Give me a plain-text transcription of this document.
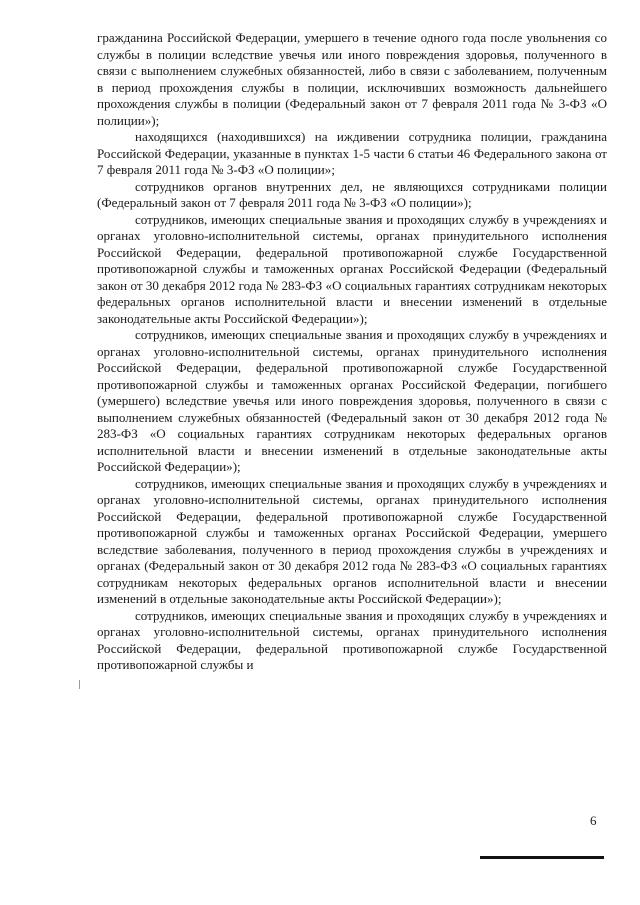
гражданина Российской Федерации, умершего в течение одного года после увольнения со службы в полиции вследствие увечья или иного повреждения здоровья, полученного в связи с выполнением служебных обязанностей, либо в связи с заболеванием, полученным в период прохождения службы в полиции, исключивших возможность дальнейшего прохождения службы в полиции (Федеральный закон от 7 февраля 2011 года № 3-ФЗ «О полиции»);

находящихся (находившихся) на иждивении сотрудника полиции, гражданина Российской Федерации, указанные в пунктах 1-5 части 6 статьи 46 Федерального закона от 7 февраля 2011 года № 3-ФЗ «О полиции»;

сотрудников органов внутренних дел, не являющихся сотрудниками полиции (Федеральный закон от 7 февраля 2011 года № 3-ФЗ «О полиции»);

сотрудников, имеющих специальные звания и проходящих службу в учреждениях и органах уголовно-исполнительной системы, органах принудительного исполнения Российской Федерации, федеральной противопожарной службе Государственной противопожарной службы и таможенных органах Российской Федерации (Федеральный закон от 30 декабря 2012 года № 283-ФЗ «О социальных гарантиях сотрудникам некоторых федеральных органов исполнительной власти и внесении изменений в отдельные законодательные акты Российской Федерации»);

сотрудников, имеющих специальные звания и проходящих службу в учреждениях и органах уголовно-исполнительной системы, органах принудительного исполнения Российской Федерации, федеральной противопожарной службе Государственной противопожарной службы и таможенных органах Российской Федерации, погибшего (умершего) вследствие увечья или иного повреждения здоровья, полученного в связи с выполнением служебных обязанностей (Федеральный закон от 30 декабря 2012 года № 283-ФЗ «О социальных гарантиях сотрудникам некоторых федеральных органов исполнительной власти и внесении изменений в отдельные законодательные акты Российской Федерации»);

сотрудников, имеющих специальные звания и проходящих службу в учреждениях и органах уголовно-исполнительной системы, органах принудительного исполнения Российской Федерации, федеральной противопожарной службе Государственной противопожарной службы и таможенных органах Российской Федерации, умершего вследствие заболевания, полученного в период прохождения службы в учреждениях и органах (Федеральный закон от 30 декабря 2012 года № 283-ФЗ «О социальных гарантиях сотрудникам некоторых федеральных органов исполнительной власти и внесении изменений в отдельные законодательные акты Российской Федерации»);

сотрудников, имеющих специальные звания и проходящих службу в учреждениях и органах уголовно-исполнительной системы, органах принудительного исполнения Российской Федерации, федеральной противопожарной службе Государственной противопожарной службы и

6
